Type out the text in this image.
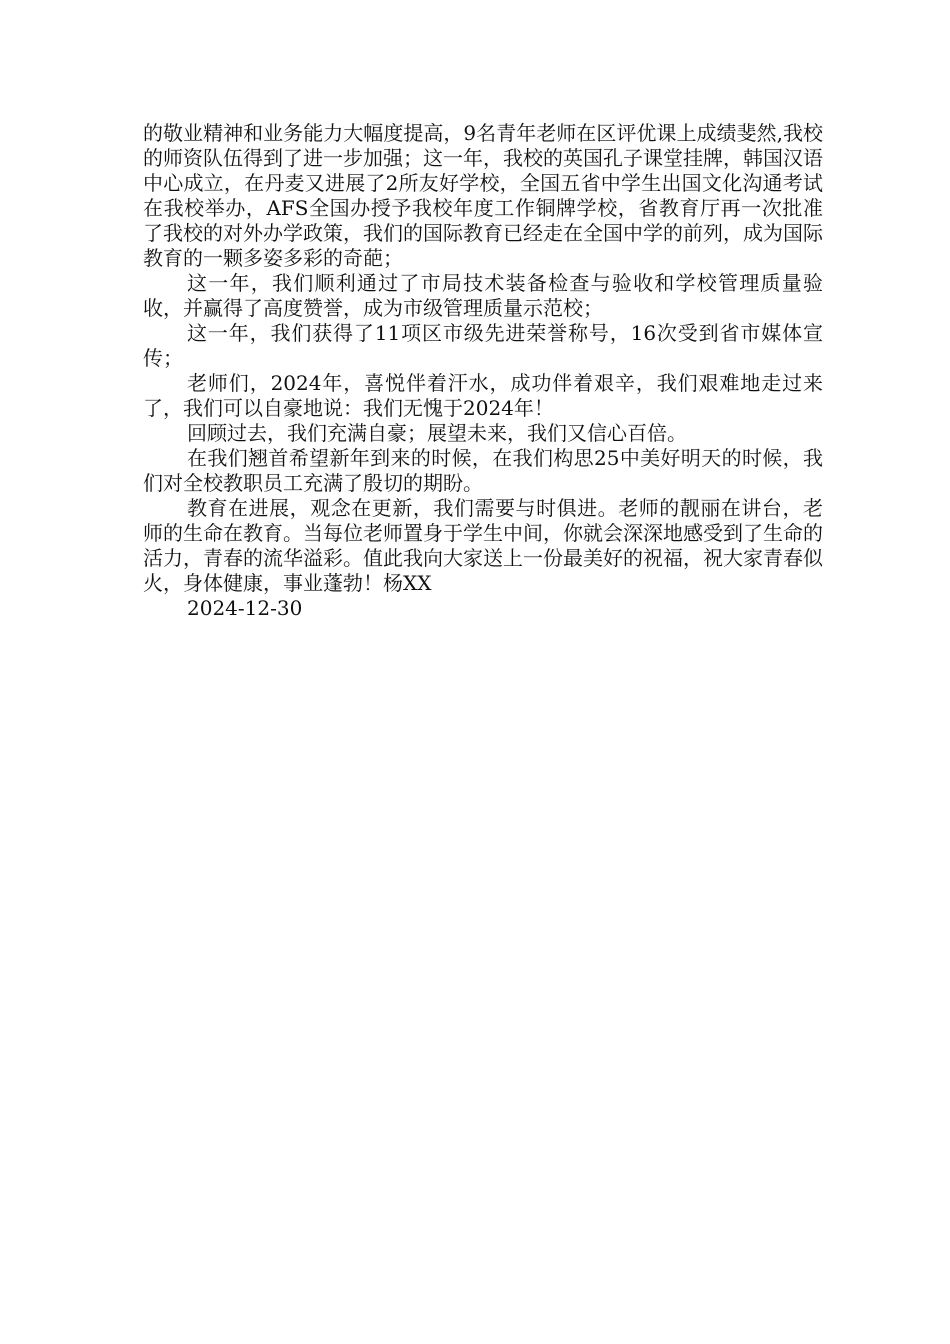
的敬业精神和业务能力大幅度提高，9名青年老师在区评优课上成绩斐然,我校的师资队伍得到了进一步加强；这一年，我校的英国孔子课堂挂牌，韩国汉语中心成立，在丹麦又进展了2所友好学校，全国五省中学生出国文化沟通考试在我校举办，AFS全国办授予我校年度工作铜牌学校，省教育厅再一次批准了我校的对外办学政策，我们的国际教育已经走在全国中学的前列，成为国际教育的一颗多姿多彩的奇葩；

这一年，我们顺利通过了市局技术装备检查与验收和学校管理质量验收，并赢得了高度赞誉，成为市级管理质量示范校；

这一年，我们获得了11项区市级先进荣誉称号，16次受到省市媒体宣传；

老师们，2024年，喜悦伴着汗水，成功伴着艰辛，我们艰难地走过来了，我们可以自豪地说：我们无愧于2024年！

回顾过去，我们充满自豪；展望未来，我们又信心百倍。

在我们翘首希望新年到来的时候，在我们构思25中美好明天的时候，我们对全校教职员工充满了殷切的期盼。

教育在进展，观念在更新，我们需要与时俱进。老师的靓丽在讲台，老师的生命在教育。当每位老师置身于学生中间，你就会深深地感受到了生命的活力，青春的流华溢彩。值此我向大家送上一份最美好的祝福，祝大家青春似火，身体健康，事业蓬勃！杨XX

2024-12-30
